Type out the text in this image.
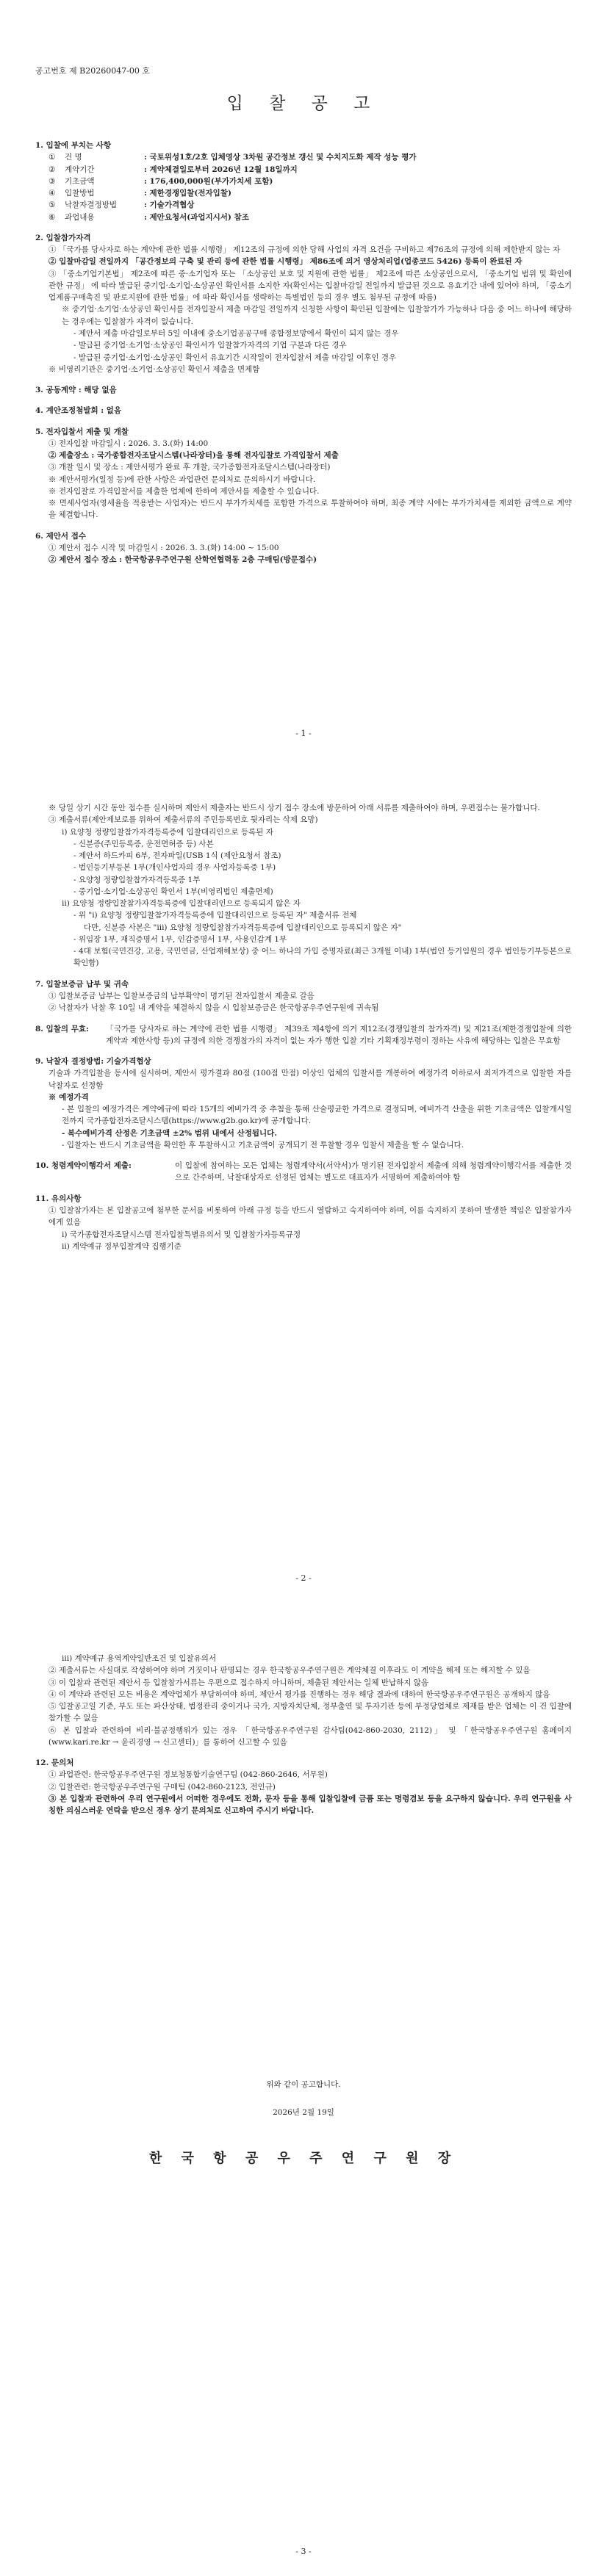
공고번호 제 B20260047-00 호
입 찰 공 고

1. 입찰에 부치는 사항

①	건 명	: 국토위성1호/2호 입체영상 3차원 공간정보 갱신 및 수치지도화 제작 성능 평가
②	계약기간	: 계약체결일로부터 2026년 12월 18일까지
③	기초금액	: 176,400,000원(부가가치세 포함)
④	입찰방법	: 제한경쟁입찰(전자입찰)
⑤	낙찰자결정방법	: 기술가격협상
⑥	과업내용	: 제안요청서(과업지시서) 참조

2. 입찰참가자격

① 「국가를 당사자로 하는 계약에 관한 법률 시행령」 제12조의 규정에 의한 당해 사업의 자격 요건을 구비하고 제76조의 규정에 의해 제한받지 않는 자

② 입찰마감일 전일까지 「공간정보의 구축 및 관리 등에 관한 법률 시행령」 제86조에 의거 영상처리업(업종코드 5426) 등록이 완료된 자

③ 「중소기업기본법」 제2조에 따른 중·소기업자 또는 「소상공인 보호 및 지원에 관한 법률」 제2조에 따른 소상공인으로서, 「중소기업 범위 및 확인에 관한 규정」 에 따라 발급된 중기업·소기업·소상공인 확인서를 소지한 자(확인서는 입찰마감일 전일까지 발급된 것으로 유효기간 내에 있어야 하며, 「중소기업제품구매촉진 및 판로지원에 관한 법률」에 따라 확인서를 생략하는 특별법인 등의 경우 별도 첨부된 규정에 따름)

※ 중기업·소기업·소상공인 확인서를 전자입찰서 제출 마감일 전일까지 신청한 사항이 확인된 입찰에는 입찰참가가 가능하나 다음 중 어느 하나에 해당하는 경우에는 입찰참가 자격이 없습니다.

- 제안서 제출 마감일로부터 5일 이내에 중소기업공공구매 종합정보망에서 확인이 되지 않는 경우

- 발급된 중기업·소기업·소상공인 확인서가 입찰참가자격의 기업 구분과 다른 경우

- 발급된 중기업·소기업·소상공인 확인서 유효기간 시작일이 전자입찰서 제출 마감일 이후인 경우

※ 비영리기관은 중기업·소기업·소상공인 확인서 제출을 면제함

3. 공동계약 : 해당 없음

4. 계안조정첨발회 : 없음

5. 전자입찰서 제출 및 개찰

① 전자입찰 마감일시 : 2026. 3. 3.(화) 14:00

② 제출장소 : 국가종합전자조달시스템(나라장터)을 통해 전자입찰로 가격입찰서 제출

③ 개찰 일시 및 장소 : 제안서평가 완료 후 개찰, 국가종합전자조달시스템(나라장터)

※ 제안서평가(일정 등)에 관한 사항은 과업관련 문의처로 문의하시기 바랍니다.

※ 전자입찰로 가격입찰서를 제출한 업체에 한하여 제안서를 제출할 수 있습니다.

※ 면세사업자(영세율을 적용받는 사업자)는 반드시 부가가치세를 포함한 가격으로 투찰하여야 하며, 최종 계약 시에는 부가가치세를 제외한 금액으로 계약을 체결합니다.

6. 제안서 접수

① 제안서 접수 시작 및 마감일시 : 2026. 3. 3.(화) 14:00 ~ 15:00

② 제안서 접수 장소 : 한국항공우주연구원 산학연협력동 2층 구매팀(방문접수)

- 1 -

※ 당일 상기 시간 동안 접수를 실시하며 제안서 제출자는 반드시 상기 접수 장소에 방문하여 아래 서류를 제출하여야 하며, 우편접수는 불가합니다.

③ 제출서류(제안제보로를 위하여 제출서류의 주민등록번호 뒷자리는 삭제 요망)

ⅰ) 요양청 정량입찰참가자격등록증에 입찰대리인으로 등록된 자

- 신분증(주민등록증, 운전면허증 등) 사본

- 제안서 하드카피 6부, 전자파일(USB 1식 (제안요청서 참조)

- 법인등기부등본 1부(개인사업자의 경우 사업자등록증 1부)

- 요양청 정량입찰참가자격등록증 1부

- 중기업·소기업·소상공인 확인서 1부(비영리법인 제출면제)

ⅱ) 요양청 정량입찰참가자격등록증에 입찰대리인으로 등록되지 않은 자

- 위 "ⅰ) 요양청 정량입찰참가자격등록증에 입찰대리인으로 등록된 자" 제출서류 전체

다만, 신분증 사본은 "ⅲ) 요양청 정량입찰참가자격등록증에 입찰대리인으로 등록되지 않은 자"

- 위임장 1부, 재직증명서 1부, 인감증명서 1부, 사용인감계 1부

- 4대 보험(국민건강, 고용, 국민연금, 산업재해보상) 중 어느 하나의 가입 증명자료(최근 3개월 이내) 1부(법인 등기임원의 경우 법인등기부등본으로 확인함)

7. 입찰보증금 납부 및 귀속

① 입찰보증금 납부는 입찰보증금의 납부확약이 명기된 전자입찰서 제출로 갈음

② 낙찰자가 낙찰 후 10일 내 계약을 체결하지 않을 시 입찰보증금은 한국항공우주연구원에 귀속됨

8. 입찰의 무효:	「국가를 당사자로 하는 계약에 관한 법률 시행령」 제39조 제4항에 의거 제12조(경쟁입찰의 참가자격) 및 제21조(제한경쟁입찰에 의한 계약과 제한사항 등)의 규정에 의한 경쟁참가의 자격이 없는 자가 행한 입찰 기타 기획재정부령이 정하는 사유에 해당하는 입찰은 무효함

9. 낙찰자 결정방법: 기술가격협상

기술과 가격입찰을 동시에 실시하며, 제안서 평가결과 80점 (100점 만점) 이상인 업체의 입찰서를 개봉하여 예정가격 이하로서 최저가격으로 입찰한 자를 낙찰자로 선정함

※ 예정가격

- 본 입찰의 예정가격은 계약예규에 따라 15개의 예비가격 중 추첨을 통해 산술평균한 가격으로 결정되며, 예비가격 산출을 위한 기초금액은 입찰개시일 전까지 국가종합전자조달시스템(https://www.g2b.go.kr)에 공개합니다.

- 복수예비가격 산정은 기초금액 ±2% 범위 내에서 산정됩니다.

- 입찰자는 반드시 기초금액을 확인한 후 투찰하시고 기초금액이 공개되기 전 투찰할 경우 입찰서 제출을 할 수 없습니다.

10. 청렴계약이행각서 제출:	이 입찰에 참여하는 모든 업체는 청렴계약서(서약서)가 명기된 전자입찰서 제출에 의해 청렴계약이행각서를 제출한 것으로 간주하며, 낙찰대상자로 선정된 업체는 별도로 대표자가 서명하여 제출하여야 함

11. 유의사항

① 입찰참가자는 본 입찰공고에 첨부한 문서를 비롯하여 아래 규정 등을 반드시 열람하고 숙지하여야 하며, 이를 숙지하지 못하여 발생한 책임은 입찰참가자에게 있음

ⅰ) 국가종합전자조달시스템 전자입찰특별유의서 및 입찰참가자등록규정

ⅱ) 계약예규 정부입찰계약 집행기준

- 2 -

ⅲ) 계약예규 용역계약일반조건 및 입찰유의서

② 제출서류는 사실대로 작성하여야 하며 거짓이나 판명되는 경우 한국항공우주연구원은 계약체결 이후라도 이 계약을 해제 또는 해지할 수 있음

③ 이 입찰과 관련된 제안서 등 입찰참가서류는 우편으로 접수하지 아니하며, 제출된 제안서는 일체 반납하지 않음

④ 이 계약과 관련된 모든 비용은 계약업체가 부담하여야 하며, 제안서 평가를 진행하는 경우 해당 결과에 대하여 한국항공우주연구원은 공개하지 않음

⑤ 입찰공고일 기준, 부도 또는 파산상태, 법정관리 중이거나 국가, 지방자치단체, 정부출연 및 투자기관 등에 부정당업체로 제재를 받은 업체는 이 건 입찰에 참가할 수 없음

⑥ 본 입찰과 관련하여 비리·불공정행위가 있는 경우 「한국항공우주연구원 감사팀(042-860-2030, 2112)」 및 「한국항공우주연구원 홈페이지(www.kari.re.kr → 윤리경영 → 신고센터)」를 통하여 신고할 수 있음

12. 문의처

① 과업관련: 한국항공우주연구원 정보청통합기술연구팀 (042-860-2646, 서무원)

② 입찰관련: 한국항공우주연구원 구매팀 (042-860-2123, 전인규)

③ 본 입찰과 관련하여 우리 연구원에서 어떠한 경우에도 전화, 문자 등을 통해 입찰입찰에 금품 또는 명령겸보 등을 요구하지 않습니다. 우리 연구원을 사칭한 의심스러운 연락을 받으신 경우 상기 문의처로 신고하여 주시기 바랍니다.

위와 같이 공고합니다.

2026년 2월 19일

한 국 항 공 우 주 연 구 원 장

- 3 -
